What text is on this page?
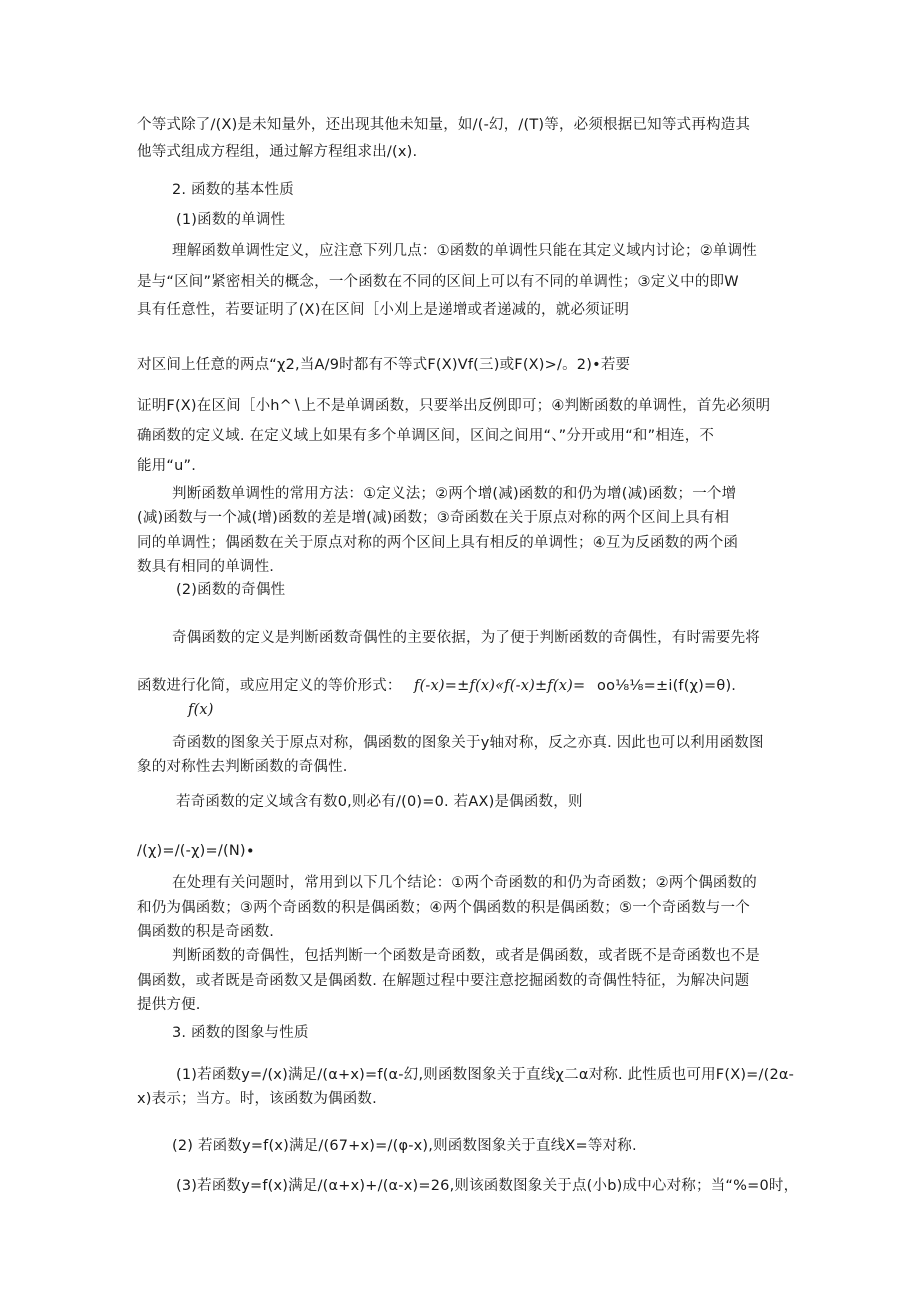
个等式除了/(X)是未知量外，还出现其他未知量，如/(-幻，/(T)等，必须根据已知等式再构造其
他等式组成方程组，通过解方程组求出/(x).
2. 函数的基本性质
(1)函数的单调性
理解函数单调性定义，应注意下列几点：①函数的单调性只能在其定义域内讨论；②单调性
是与“区间”紧密相关的概念，一个函数在不同的区间上可以有不同的单调性；③定义中的即W
具有任意性，若要证明了(X)在区间［小刈上是递增或者递减的，就必须证明
对区间上任意的两点“χ2,当A/9时都有不等式F(X)Vf(三)或F(X)>/。2)•若要
证明F(X)在区间［小h^∖上不是单调函数，只要举出反例即可；④判断函数的单调性，首先必须明
确函数的定义域. 在定义域上如果有多个单调区间，区间之间用“、”分开或用“和”相连，不
能用“u”.
判断函数单调性的常用方法：①定义法；②两个增(减)函数的和仍为增(减)函数；一个增
(减)函数与一个减(增)函数的差是增(减)函数；③奇函数在关于原点对称的两个区间上具有相
同的单调性；偶函数在关于原点对称的两个区间上具有相反的单调性；④互为反函数的两个函
数具有相同的单调性.
(2)函数的奇偶性
奇偶函数的定义是判断函数奇偶性的主要依据，为了便于判断函数的奇偶性，有时需要先将
函数进行化简，或应用定义的等价形式： f(-x)=±f(x)«f(-x)±f(x)= oo⅛⅛=±i(f(χ)=θ).
f(x)
奇函数的图象关于原点对称，偶函数的图象关于y轴对称，反之亦真. 因此也可以利用函数图
象的对称性去判断函数的奇偶性.
若奇函数的定义域含有数0,则必有/(0)=0. 若AX)是偶函数，则
/(χ)=∕(-χ)=∕(N)∙
在处理有关问题时，常用到以下几个结论：①两个奇函数的和仍为奇函数；②两个偶函数的
和仍为偶函数；③两个奇函数的积是偶函数；④两个偶函数的积是偶函数；⑤一个奇函数与一个
偶函数的积是奇函数.
判断函数的奇偶性，包括判断一个函数是奇函数，或者是偶函数，或者既不是奇函数也不是
偶函数，或者既是奇函数又是偶函数. 在解题过程中要注意挖掘函数的奇偶性特征，为解决问题
提供方便.
3. 函数的图象与性质
(1)若函数y=∕(x)满足/(α+x)=f(α-幻,则函数图象关于直线χ二α对称. 此性质也可用F(X)=/(2α-
x)表示；当方。时，该函数为偶函数.
(2) 若函数y=f(x)满足/(67+x)=∕(φ-x),则函数图象关于直线X=等对称.
(3)若函数y=f(x)满足/(α+x)+∕(α-x)=26,则该函数图象关于点(小b)成中心对称；当“%=0时，
